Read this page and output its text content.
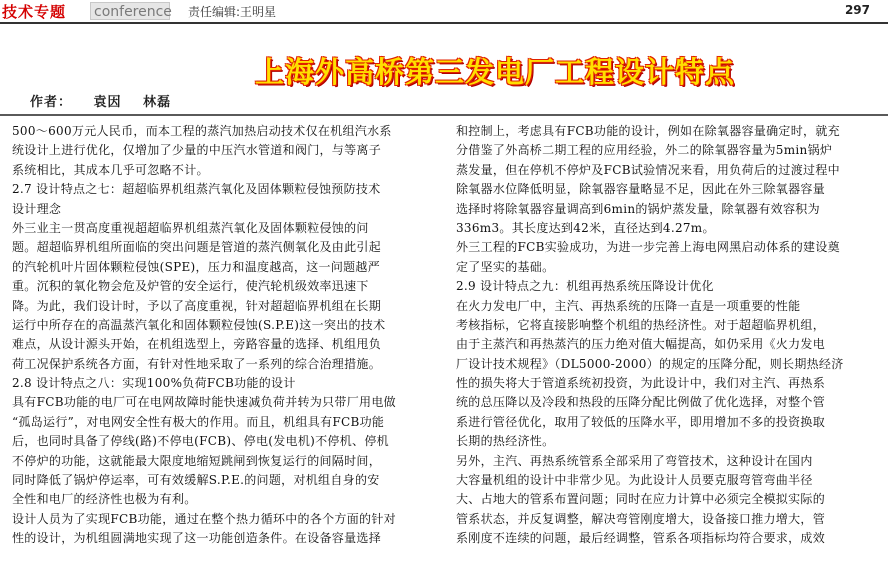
技术专题 conference 责任编辑:王明星	297
上海外高桥第三发电厂工程设计特点
作者： 袁因 林磊
500～600万元人民币，而本工程的蒸汽加热启动技术仅在机组汽水系
统设计上进行优化，仅增加了少量的中压汽水管道和阀门，与等离子
系统相比，其成本几乎可忽略不计。
2.7 设计特点之七：超超临界机组蒸汽氧化及固体颗粒侵蚀预防技术
设计理念
外三业主一贯高度重视超超临界机组蒸汽氧化及固体颗粒侵蚀的问
题。超超临界机组所面临的突出问题是管道的蒸汽侧氧化及由此引起
的汽轮机叶片固体颗粒侵蚀(SPE)，压力和温度越高，这一问题越严
重。沉积的氧化物会危及炉管的安全运行，使汽轮机级效率迅速下
降。为此，我们设计时，予以了高度重视，针对超超临界机组在长期
运行中所存在的高温蒸汽氧化和固体颗粒侵蚀(S.P.E)这一突出的技术
难点，从设计源头开始，在机组选型上，旁路容量的选择、机组甩负
荷工况保护系统各方面，有针对性地采取了一系列的综合治理措施。
2.8 设计特点之八：实现100%负荷FCB功能的设计
具有FCB功能的电厂可在电网故障时能快速减负荷并转为只带厂用电做
“孤岛运行”，对电网安全性有极大的作用。而且，机组具有FCB功能
后，也同时具备了停线(路)不停电(FCB)、停电(发电机)不停机、停机
不停炉的功能，这就能最大限度地缩短跳闸到恢复运行的间隔时间，
同时降低了锅炉停运率，可有效缓解S.P.E.的问题，对机组自身的安
全性和电厂的经济性也极为有利。
设计人员为了实现FCB功能，通过在整个热力循环中的各个方面的针对
性的设计，为机组圆满地实现了这一功能创造条件。在设备容量选择
和控制上，考虑具有FCB功能的设计，例如在除氧器容量确定时，就充
分借鉴了外高桥二期工程的应用经验，外二的除氧器容量为5min锅炉
蒸发量，但在停机不停炉及FCB试验情况来看，用负荷后的过渡过程中
除氧器水位降低明显，除氧器容量略显不足，因此在外三除氧器容量
选择时将除氧器容量调高到6min的锅炉蒸发量，除氧器有效容积为
336m3。其长度达到42米，直径达到4.27m。
外三工程的FCB实验成功，为进一步完善上海电网黑启动体系的建设奠
定了坚实的基础。
2.9 设计特点之九：机组再热系统压降设计优化
在火力发电厂中，主汽、再热系统的压降一直是一项重要的性能
考核指标，它将直接影响整个机组的热经济性。对于超超临界机组，
由于主蒸汽和再热蒸汽的压力绝对值大幅提高，如仍采用《火力发电
厂设计技术规程》（DL5000-2000）的规定的压降分配，则长期热经济
性的损失将大于管道系统初投资，为此设计中，我们对主汽、再热系
统的总压降以及冷段和热段的压降分配比例做了优化选择，对整个管
系进行管径优化，取用了较低的压降水平，即用增加不多的投资换取
长期的热经济性。
另外，主汽、再热系统管系全部采用了弯管技术，这种设计在国内
大容量机组的设计中非常少见。为此设计人员要克服弯管弯曲半径
大、占地大的管系布置问题；同时在应力计算中必须完全模拟实际的
管系状态，并反复调整，解决弯管刚度增大，设备接口推力增大，管
系刚度不连续的问题，最后经调整，管系各项指标均符合要求，成效
